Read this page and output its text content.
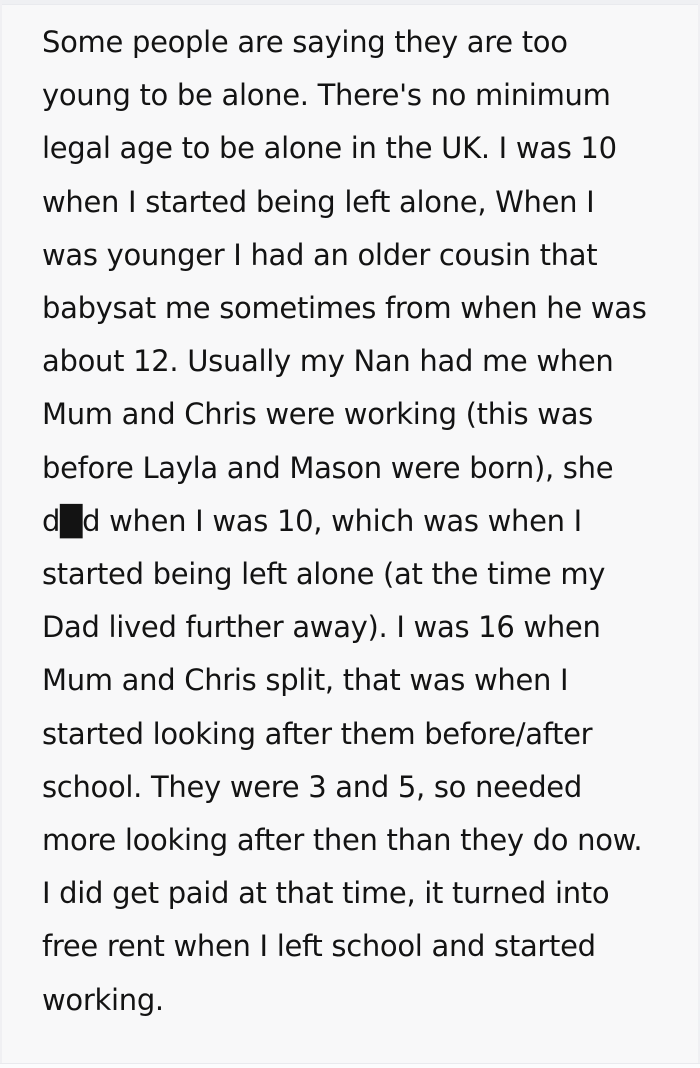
Some people are saying they are too
young to be alone. There's no minimum
legal age to be alone in the UK. I was 10
when I started being left alone, When I
was younger I had an older cousin that
babysat me sometimes from when he was
about 12. Usually my Nan had me when
Mum and Chris were working (this was
before Layla and Mason were born), she
d█d when I was 10, which was when I
started being left alone (at the time my
Dad lived further away). I was 16 when
Mum and Chris split, that was when I
started looking after them before/after
school. They were 3 and 5, so needed
more looking after then than they do now.
I did get paid at that time, it turned into
free rent when I left school and started
working.
